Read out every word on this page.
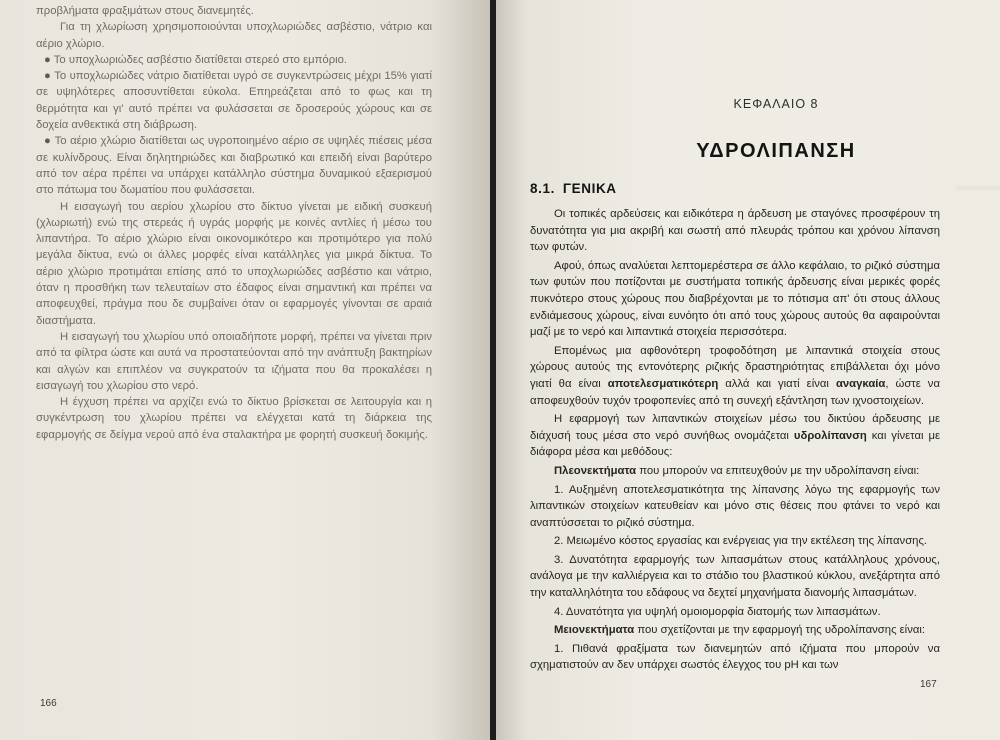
προβλήματα φραξιμάτων στους διανεμητές.

Για τη χλωρίωση χρησιμοποιούνται υποχλωριώδες ασβέστιο, νάτριο και αέριο χλώριο.

● Το υποχλωριώδες ασβέστιο διατίθεται στερεό στο εμπόριο.

● Το υποχλωριώδες νάτριο διατίθεται υγρό σε συγκεντρώσεις μέχρι 15% γιατί σε υψηλότερες αποσυντίθεται εύκολα. Επηρεάζεται από το φως και τη θερμότητα και γι' αυτό πρέπει να φυλάσσεται σε δροσερούς χώρους και σε δοχεία ανθεκτικά στη διάβρωση.

● Το αέριο χλώριο διατίθεται ως υγροποιημένο αέριο σε υψηλές πιέσεις μέσα σε κυλίνδρους. Είναι δηλητηριώδες και διαβρωτικό και επειδή είναι βαρύτερο από τον αέρα πρέπει να υπάρχει κατάλληλο σύστημα δυναμικού εξαερισμού στο πάτωμα του δωματίου που φυλάσσεται.

Η εισαγωγή του αερίου χλωρίου στο δίκτυο γίνεται με ειδική συσκευή (χλωριωτή) ενώ της στερεάς ή υγράς μορφής με κοινές αντλίες ή μέσω του λιπαντήρα. Το αέριο χλώριο είναι οικονομικότερο και προτιμότερο για πολύ μεγάλα δίκτυα, ενώ οι άλλες μορφές είναι κατάλληλες για μικρά δίκτυα. Το αέριο χλώριο προτιμάται επίσης από το υποχλωριώδες ασβέστιο και νάτριο, όταν η προσθήκη των τελευταίων στο έδαφος είναι σημαντική και πρέπει να αποφευχθεί, πράγμα που δε συμβαίνει όταν οι εφαρμογές γίνονται σε αραιά διαστήματα.

Η εισαγωγή του χλωρίου υπό οποιαδήποτε μορφή, πρέπει να γίνεται πριν από τα φίλτρα ώστε και αυτά να προστατεύονται από την ανάπτυξη βακτηρίων και αλγών και επιπλέον να συγκρατούν τα ιζήματα που θα προκαλέσει η εισαγωγή του χλωρίου στο νερό.

Η έγχυση πρέπει να αρχίζει ενώ το δίκτυο βρίσκεται σε λειτουργία και η συγκέντρωση του χλωρίου πρέπει να ελέγχεται κατά τη διάρκεια της εφαρμογής σε δείγμα νερού από ένα σταλακτήρα με φορητή συσκευή δοκιμής.

166
ΚΕΦΑΛΑΙΟ 8
ΥΔΡΟΛΙΠΑΝΣΗ
8.1. ΓΕΝΙΚΑ

Οι τοπικές αρδεύσεις και ειδικότερα η άρδευση με σταγόνες προσφέρουν τη δυνατότητα για μια ακριβή και σωστή από πλευράς τρόπου και χρόνου λίπανση των φυτών.

Αφού, όπως αναλύεται λεπτομερέστερα σε άλλο κεφάλαιο, το ριζικό σύστημα των φυτών που ποτίζονται με συστήματα τοπικής άρδευσης είναι μερικές φορές πυκνότερο στους χώρους που διαβρέχονται με το πότισμα απ' ότι στους άλλους ενδιάμεσους χώρους, είναι ευνόητο ότι από τους χώρους αυτούς θα αφαιρούνται μαζί με το νερό και λιπαντικά στοιχεία περισσότερα.

Επομένως μια αφθονότερη τροφοδότηση με λιπαντικά στοιχεία στους χώρους αυτούς της εντονότερης ριζικής δραστηριότητας επιβάλλεται όχι μόνο γιατί θα είναι αποτελεσματικότερη αλλά και γιατί είναι αναγκαία, ώστε να αποφευχθούν τυχόν τροφοπενίες από τη συνεχή εξάντληση των ιχνοστοιχείων.

Η εφαρμογή των λιπαντικών στοιχείων μέσω του δικτύου άρδευσης με διάχυσή τους μέσα στο νερό συνήθως ονομάζεται υδρολίπανση και γίνεται με διάφορα μέσα και μεθόδους:

Πλεονεκτήματα που μπορούν να επιτευχθούν με την υδρολίπανση είναι:

1. Αυξημένη αποτελεσματικότητα της λίπανσης λόγω της εφαρμογής των λιπαντικών στοιχείων κατευθείαν και μόνο στις θέσεις που φτάνει το νερό και αναπτύσσεται το ριζικό σύστημα.

2. Μειωμένο κόστος εργασίας και ενέργειας για την εκτέλεση της λίπανσης.

3. Δυνατότητα εφαρμογής των λιπασμάτων στους κατάλληλους χρόνους, ανάλογα με την καλλιέργεια και το στάδιο του βλαστικού κύκλου, ανεξάρτητα από την καταλληλότητα του εδάφους να δεχτεί μηχανήματα διανομής λιπασμάτων.

4. Δυνατότητα για υψηλή ομοιομορφία διατομής των λιπασμάτων.

Μειονεκτήματα που σχετίζονται με την εφαρμογή της υδρολίπανσης είναι:

1. Πιθανά φραξίματα των διανεμητών από ιζήματα που μπορούν να σχηματιστούν αν δεν υπάρχει σωστός έλεγχος του pH και των

167
